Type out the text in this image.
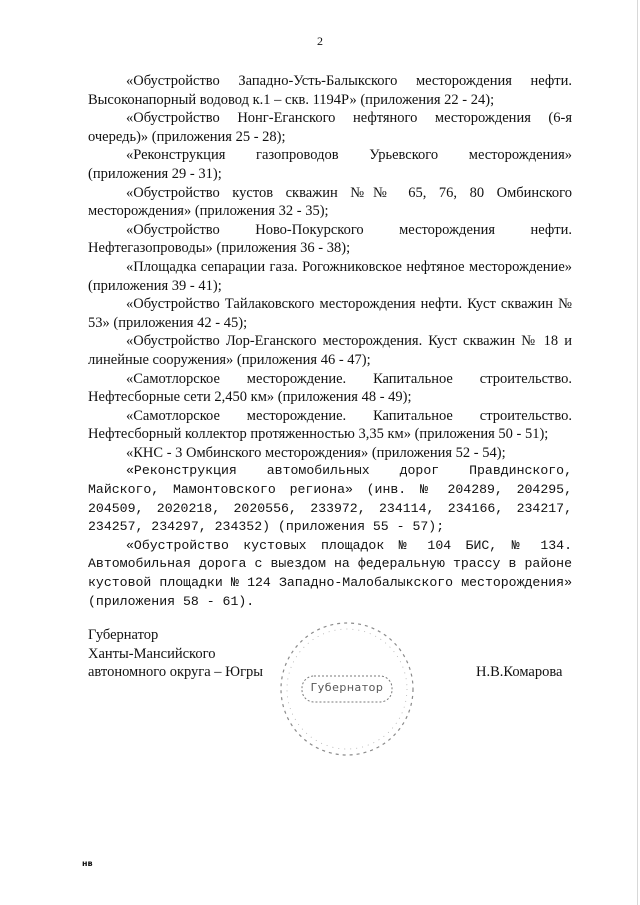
2

«Обустройство Западно-Усть-Балыкского месторождения нефти. Высоконапорный водовод к.1 – скв. 1194Р» (приложения 22 - 24);

«Обустройство Нонг-Еганского нефтяного месторождения (6-я очередь)» (приложения 25 - 28);

«Реконструкция газопроводов Урьевского месторождения» (приложения 29 - 31);

«Обустройство кустов скважин №№ 65, 76, 80 Омбинского месторождения» (приложения 32 - 35);

«Обустройство Ново-Покурского месторождения нефти. Нефтегазопроводы» (приложения 36 - 38);

«Площадка сепарации газа. Рогожниковское нефтяное месторождение» (приложения 39 - 41);

«Обустройство Тайлаковского месторождения нефти. Куст скважин № 53» (приложения 42 - 45);

«Обустройство Лор-Еганского месторождения. Куст скважин № 18 и линейные сооружения» (приложения 46 - 47);

«Самотлорское месторождение. Капитальное строительство. Нефтесборные сети 2,450 км» (приложения 48 - 49);

«Самотлорское месторождение. Капитальное строительство. Нефтесборный коллектор протяженностью 3,35 км» (приложения 50 - 51);

«КНС - 3 Омбинского месторождения» (приложения 52 - 54);

«Реконструкция автомобильных дорог Правдинского, Майского, Мамонтовского региона» (инв. № 204289, 204295, 204509, 2020218, 2020556, 233972, 234114, 234166, 234217, 234257, 234297, 234352) (приложения 55 - 57);

«Обустройство кустовых площадок № 104 БИС, № 134. Автомобильная дорога с выездом на федеральную трассу в районе кустовой площадки № 124 Западно-Малобалыкского месторождения» (приложения 58 - 61).

Губернатор
Ханты-Мансийского
автономного округа – Югры
Губернатор
Н.В.Комарова
нв
